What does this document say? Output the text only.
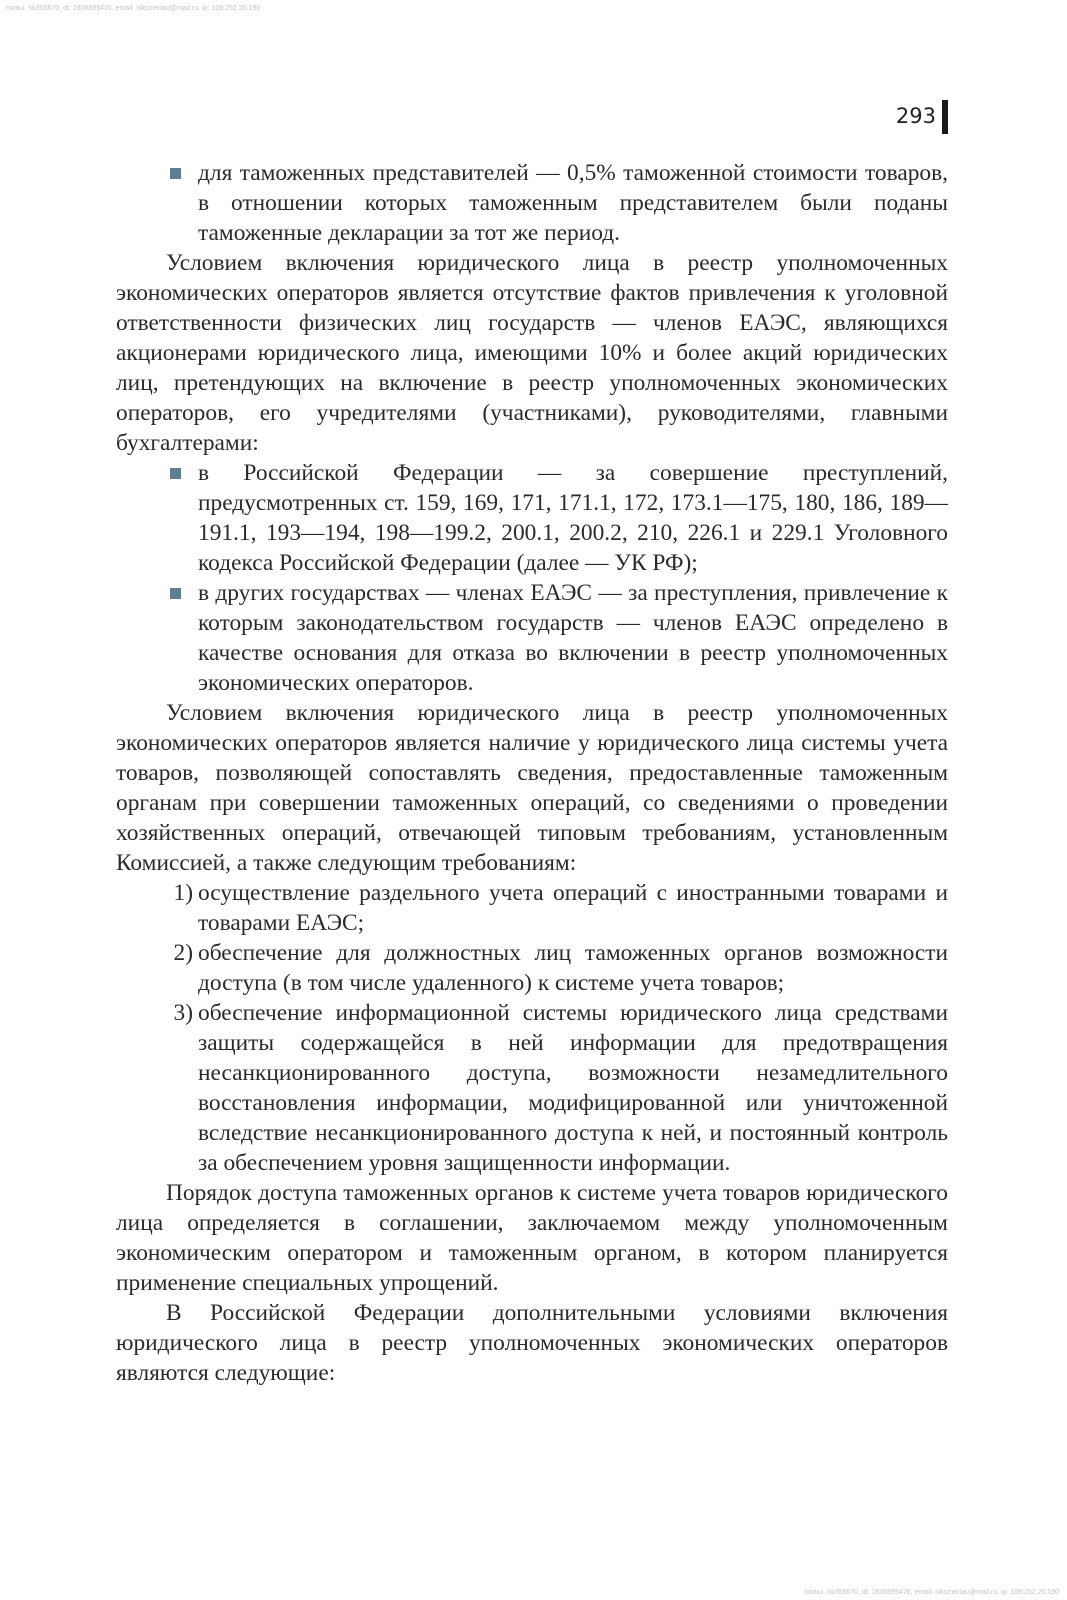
польз. №356670, dt: 1606899476, email: siksmertau@mail.ru, ip: 109.252.20.190
293

для таможенных представителей — 0,5% таможенной стоимости товаров, в отношении которых таможенным представителем были поданы таможенные декларации за тот же период.

Условием включения юридического лица в реестр уполномоченных экономических операторов является отсутствие фактов привлечения к уголовной ответственности физических лиц государств — членов ЕАЭС, являющихся акционерами юридического лица, имеющими 10% и более акций юридических лиц, претендующих на включение в реестр уполномоченных экономических операторов, его учредителями (участниками), руководителями, главными бухгалтерами:

в Российской Федерации — за совершение преступлений, предусмотренных ст. 159, 169, 171, 171.1, 172, 173.1—175, 180, 186, 189—191.1, 193—194, 198—199.2, 200.1, 200.2, 210, 226.1 и 229.1 Уголовного кодекса Российской Федерации (далее — УК РФ);

в других государствах — членах ЕАЭС — за преступления, привлечение к которым законодательством государств — членов ЕАЭС определено в качестве основания для отказа во включении в реестр уполномоченных экономических операторов.

Условием включения юридического лица в реестр уполномоченных экономических операторов является наличие у юридического лица системы учета товаров, позволяющей сопоставлять сведения, предоставленные таможенным органам при совершении таможенных операций, со сведениями о проведении хозяйственных операций, отвечающей типовым требованиям, установленным Комиссией, а также следующим требованиям:

1) осуществление раздельного учета операций с иностранными товарами и товарами ЕАЭС;

2) обеспечение для должностных лиц таможенных органов возможности доступа (в том числе удаленного) к системе учета товаров;

3) обеспечение информационной системы юридического лица средствами защиты содержащейся в ней информации для предотвращения несанкционированного доступа, возможности незамедлительного восстановления информации, модифицированной или уничтоженной вследствие несанкционированного доступа к ней, и постоянный контроль за обеспечением уровня защищенности информации.

Порядок доступа таможенных органов к системе учета товаров юридического лица определяется в соглашении, заключаемом между уполномоченным экономическим оператором и таможенным органом, в котором планируется применение специальных упрощений.

В Российской Федерации дополнительными условиями включения юридического лица в реестр уполномоченных экономических операторов являются следующие:

польз. №356670, dt: 1606899476, email: siksmertau@mail.ru, ip: 109.252.20.190
